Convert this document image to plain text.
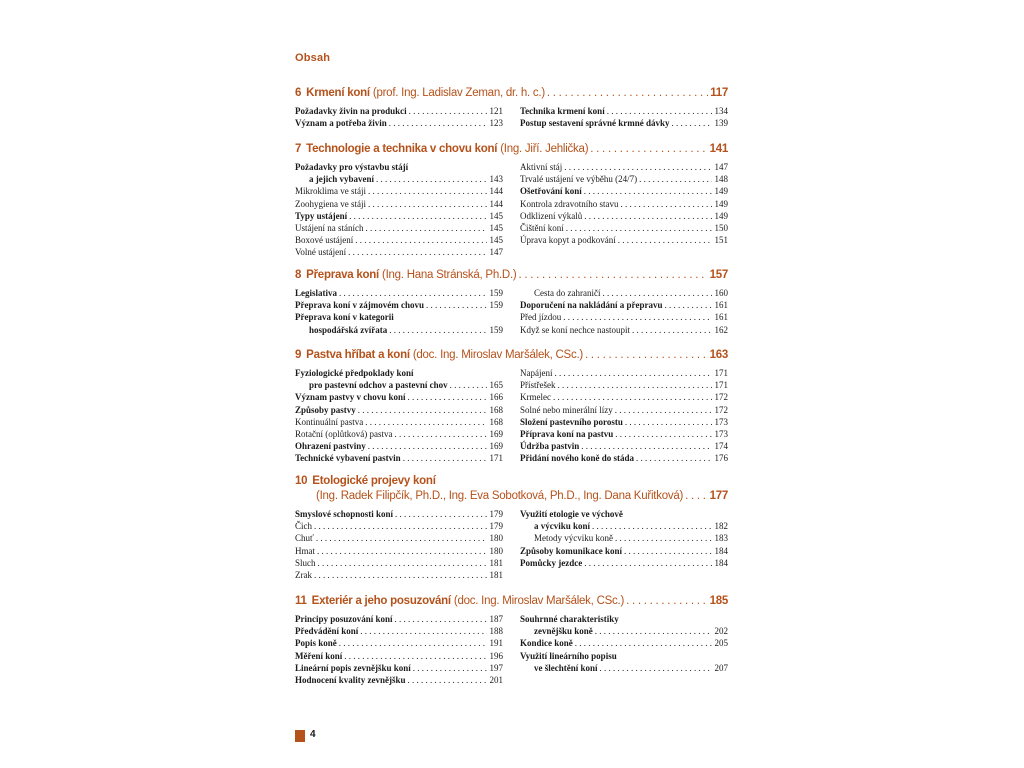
Obsah
6 Krmení koní (prof. Ing. Ladislav Zeman, dr. h. c.) . . .	117
Požadavky živin na produkci . . .	121
Význam a potřeba živin . . .	123
Technika krmení koní . . .	134
Postup sestavení správné krmné dávky . . .	139
7 Technologie a technika v chovu koní (Ing. Jiří. Jehlička) . . .	141
Požadavky pro výstavbu stájí
a jejich vybavení . . .	143
Mikroklima ve stáji . . .	144
Zoohygiena ve stáji . . .	144
Typy ustájení . . .	145
Ustájení na stáních . . .	145
Boxové ustájení . . .	145
Volné ustájení . . .	147
Aktivní stáj . . .	147
Trvalé ustájení ve výběhu (24/7) . . .	148
Ošetřování koní . . .	149
Kontrola zdravotního stavu . . .	149
Odklizení výkalů . . .	149
Čištění koní . . .	150
Úprava kopyt a podkování . . .	151
8 Přeprava koní (Ing. Hana Stránská, Ph.D.) . . .	157
Legislativa . . .	159
Přeprava koní v zájmovém chovu . . .	159
Přeprava koní v kategorii
hospodářská zvířata . . .	159
Cesta do zahraničí . . .	160
Doporučení na nakládání a přepravu . . .	161
Před jízdou . . .	161
Když se koní nechce nastoupit . . .	162
9 Pastva hříbat a koní (doc. Ing. Miroslav Maršálek, CSc.) . . .	163
Fyziologické předpoklady koní
pro pastevní odchov a pastevní chov . . .	165
Význam pastvy v chovu koní . . .	166
Způsoby pastvy . . .	168
Kontinuální pastva . . .	168
Rotační (oplůtková) pastva . . .	169
Ohrazení pastviny . . .	169
Technické vybavení pastvin . . .	171
Napájení . . .	171
Přístřešek . . .	171
Krmelec . . .	172
Solné nebo minerální lízy . . .	172
Složení pastevního porostu . . .	173
Příprava koní na pastvu . . .	173
Údržba pastvin . . .	174
Přidání nového koně do stáda . . .	176
10 Etologické projevy koní
(Ing. Radek Filipčík, Ph.D., Ing. Eva Sobotková, Ph.D., Ing. Dana Kuřitková) . . . 177
Smyslové schopnosti koní . . .	179
Čich . . .	179
Chuť . . .	180
Hmat . . .	180
Sluch . . .	181
Zrak . . .	181
Využití etologie ve výchově
a výcviku koní . . .	182
Metody výcviku koně . . .	183
Způsoby komunikace koní . . .	184
Pomůcky jezdce . . .	184
11 Exteriér a jeho posuzování (doc. Ing. Miroslav Maršálek, CSc.) . . .	185
Principy posuzování koní . . .	187
Předvádění koní . . .	188
Popis koně . . .	191
Měření koní . . .	196
Lineární popis zevnějšku koní . . .	197
Hodnocení kvality zevnějšku . . .	201
Souhrnné charakteristiky
zevnějšku koně . . .	202
Kondice koně . . .	205
Využití lineárního popisu
ve šlechtění koní . . .	207
4
